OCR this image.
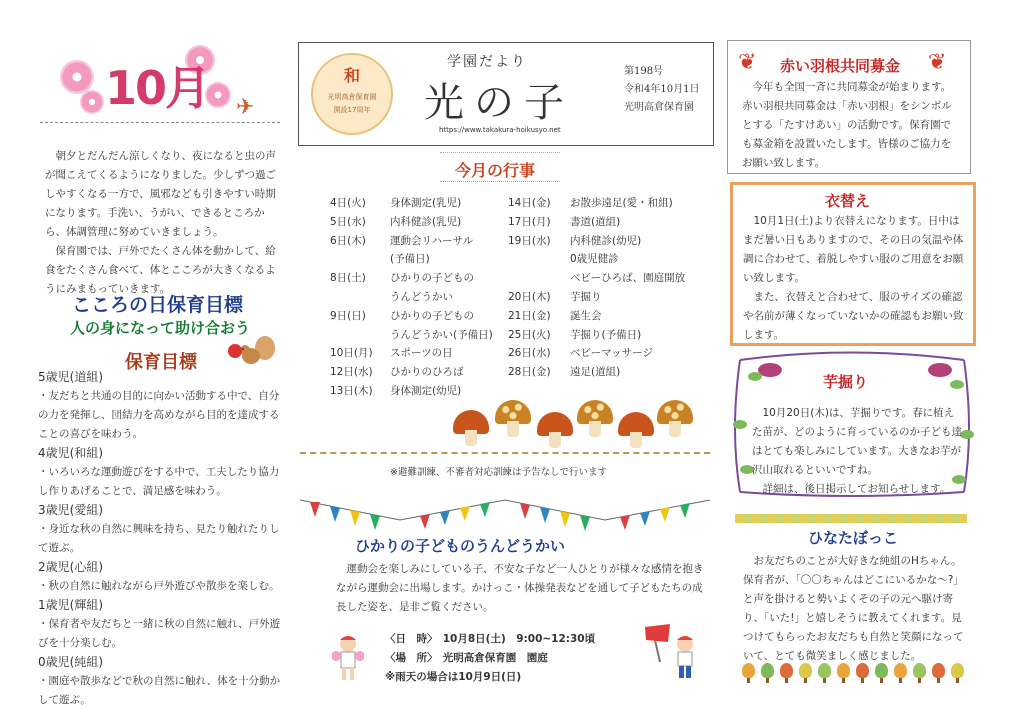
✈
10月

朝夕とだんだん涼しくなり、夜になると虫の声が聞こえてくるようになりました。少しずつ過ごしやすくなる一方で、風邪なども引きやすい時期になります。手洗い、うがい、できるところから、体調管理に努めていきましょう。

保育園では、戸外でたくさん体を動かして、給食をたくさん食べて、体とこころが大きくなるようにみまもっていきます。

こころの日保育目標
人の身になって助け合おう
保育目標
5歳児(道組)
・友だちと共通の目的に向かい活動する中で、自分の力を発揮し、団結力を高めながら目的を達成することの喜びを味わう。
4歳児(和組)
・いろいろな運動遊びをする中で、工夫したり協力し作りあげることで、満足感を味わう。
3歳児(愛組)
・身近な秋の自然に興味を持ち、見たり触れたりして遊ぶ。
2歳児(心組)
・秋の自然に触れながら戸外遊びや散歩を楽しむ。
1歳児(輝組)
・保育者や友だちと一緒に秋の自然に触れ、戸外遊びを十分楽しむ。
0歳児(純組)
・園庭や散歩などで秋の自然に触れ、体を十分動かして遊ぶ。
和
光明高倉保育園
開設17周年
学園だより
光の子
https://www.takakura-hoikusyo.net
第198号
令和4年10月1日
光明高倉保育園
今月の行事
4日(火) 身体測定(乳児)
5日(水) 内科健診(乳児)
6日(木) 運動会リハーサル
(予備日)
8日(土) ひかりの子どもの
うんどうかい
9日(日) ひかりの子どもの
うんどうかい(予備日)
10日(月) スポーツの日
12日(水) ひかりのひろば
13日(木) 身体測定(幼児)
14日(金) お散歩遠足(愛・和組)
17日(月) 書道(道組)
19日(水) 内科健診(幼児)
0歳児健診
ベビーひろば、園庭開放
20日(木) 芋掘り
21日(金) 誕生会
25日(火) 芋掘り(予備日)
26日(水) ベビーマッサージ
28日(金) 遠足(道組)
※避難訓練、不審者対応訓練は予告なしで行います
ひかりの子どものうんどうかい

運動会を楽しみにしている子、不安な子など一人ひとりが様々な感情を抱きながら運動会に出場します。かけっこ・体操発表などを通して子どもたちの成長した姿を、是非ご覧ください。

〈日　時〉　10月8日(土)　9:00~12:30頃
〈場　所〉　光明高倉保育園　園庭
※雨天の場合は10月9日(日)
❦	❦
赤い羽根共同募金

今年も全国一斉に共同募金が始まります。赤い羽根共同募金は「赤い羽根」をシンボルとする「たすけあい」の活動です。保育園でも募金箱を設置いたします。皆様のご協力をお願い致します。

衣替え

10月1日(土)より衣替えになります。日中はまだ暑い日もありますので、その日の気温や体調に合わせて、着脱しやすい服のご用意をお願い致します。

また、衣替えと合わせて、服のサイズの確認や名前が薄くなっていないかの確認もお願い致します。

芋掘り

10月20日(木)は、芋掘りです。春に植えた苗が、どのように育っているのか子ども達はとても楽しみにしています。大きなお芋が沢山取れるといいですね。

詳細は、後日掲示してお知らせします。

ひなたぼっこ

お友だちのことが大好きな純組のHちゃん。保育者が、「〇〇ちゃんはどこにいるかな～?」と声を掛けると勢いよくその子の元へ駆け寄り、「いた!」と嬉しそうに教えてくれます。見つけてもらったお友だちも自然と笑顔になっていて、とても微笑ましく感じました。
